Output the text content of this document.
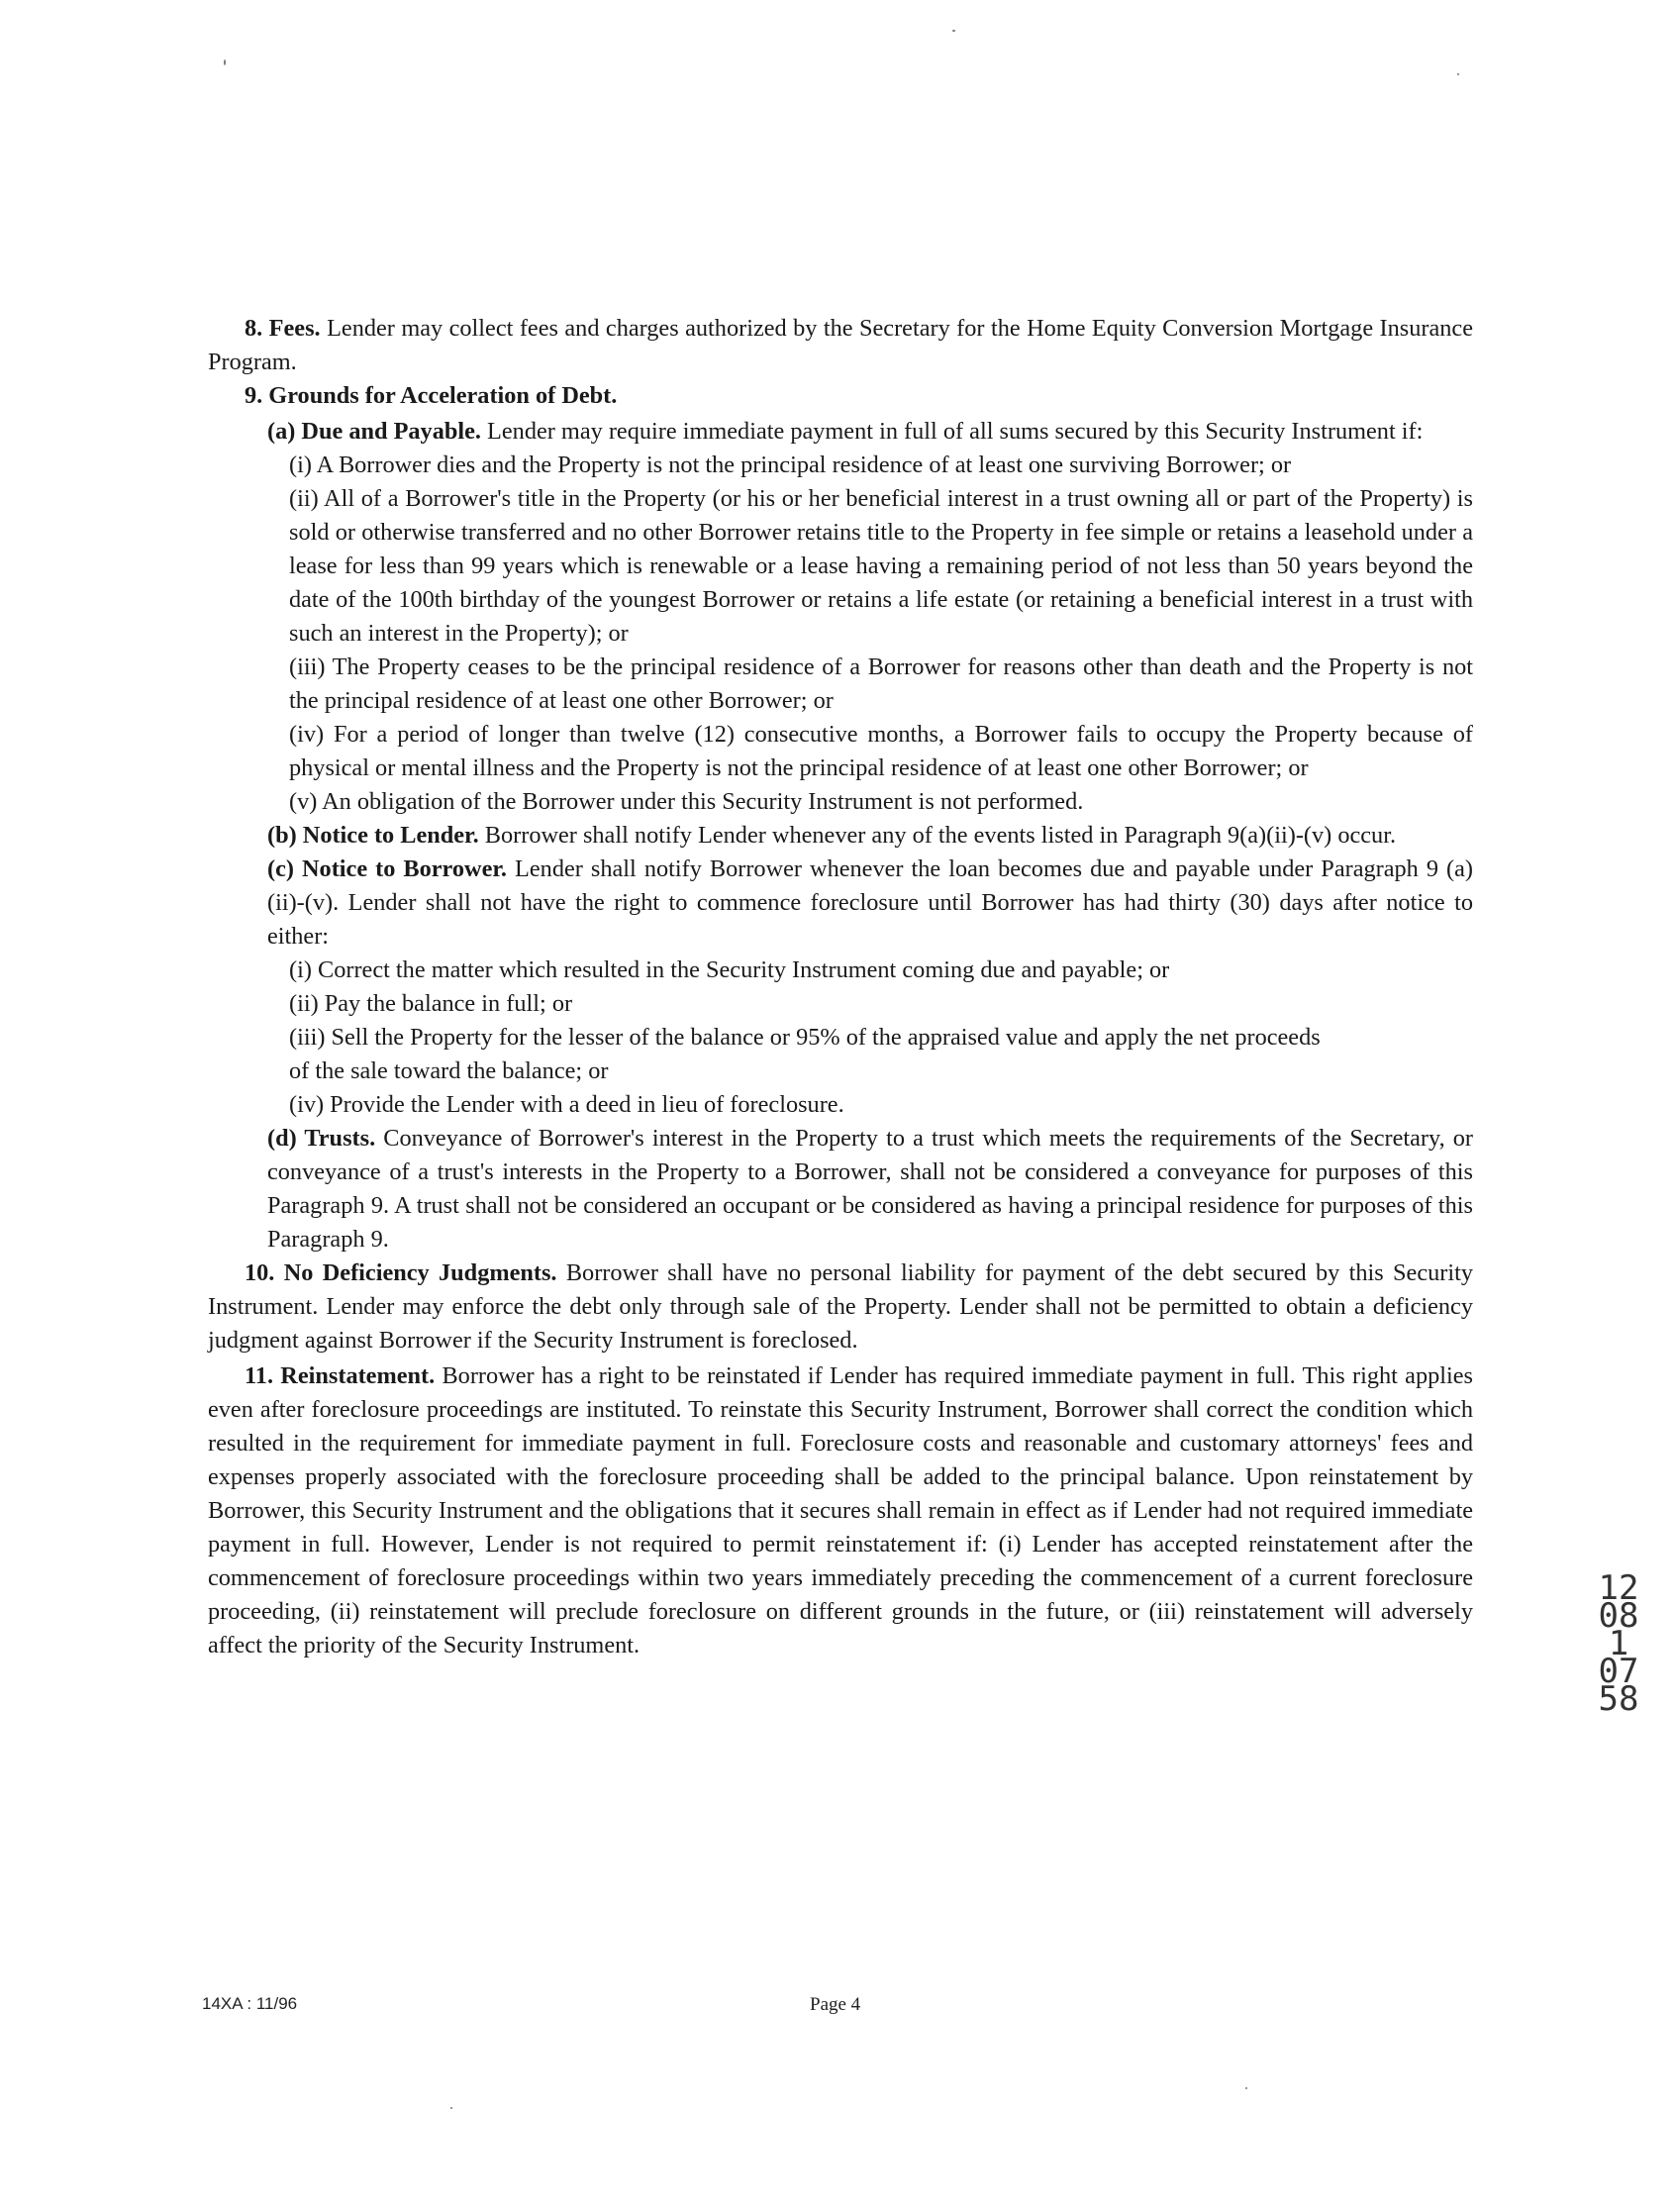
8. Fees. Lender may collect fees and charges authorized by the Secretary for the Home Equity Conversion Mortgage Insurance Program.

9. Grounds for Acceleration of Debt.

(a) Due and Payable. Lender may require immediate payment in full of all sums secured by this Security Instrument if:

(i) A Borrower dies and the Property is not the principal residence of at least one surviving Borrower; or

(ii) All of a Borrower's title in the Property (or his or her beneficial interest in a trust owning all or part of the Property) is sold or otherwise transferred and no other Borrower retains title to the Property in fee simple or retains a leasehold under a lease for less than 99 years which is renewable or a lease having a remaining period of not less than 50 years beyond the date of the 100th birthday of the youngest Borrower or retains a life estate (or retaining a beneficial interest in a trust with such an interest in the Property); or

(iii) The Property ceases to be the principal residence of a Borrower for reasons other than death and the Property is not the principal residence of at least one other Borrower; or

(iv) For a period of longer than twelve (12) consecutive months, a Borrower fails to occupy the Property because of physical or mental illness and the Property is not the principal residence of at least one other Borrower; or

(v) An obligation of the Borrower under this Security Instrument is not performed.

(b) Notice to Lender. Borrower shall notify Lender whenever any of the events listed in Paragraph 9(a)(ii)-(v) occur.

(c) Notice to Borrower. Lender shall notify Borrower whenever the loan becomes due and payable under Paragraph 9 (a)(ii)-(v). Lender shall not have the right to commence foreclosure until Borrower has had thirty (30) days after notice to either:

(i) Correct the matter which resulted in the Security Instrument coming due and payable; or

(ii) Pay the balance in full; or

(iii) Sell the Property for the lesser of the balance or 95% of the appraised value and apply the net proceeds of the sale toward the balance; or

(iv) Provide the Lender with a deed in lieu of foreclosure.

(d) Trusts. Conveyance of Borrower's interest in the Property to a trust which meets the requirements of the Secretary, or conveyance of a trust's interests in the Property to a Borrower, shall not be considered a conveyance for purposes of this Paragraph 9. A trust shall not be considered an occupant or be considered as having a principal residence for purposes of this Paragraph 9.

10. No Deficiency Judgments. Borrower shall have no personal liability for payment of the debt secured by this Security Instrument. Lender may enforce the debt only through sale of the Property. Lender shall not be permitted to obtain a deficiency judgment against Borrower if the Security Instrument is foreclosed.

11. Reinstatement. Borrower has a right to be reinstated if Lender has required immediate payment in full. This right applies even after foreclosure proceedings are instituted. To reinstate this Security Instrument, Borrower shall correct the condition which resulted in the requirement for immediate payment in full. Foreclosure costs and reasonable and customary attorneys' fees and expenses properly associated with the foreclosure proceeding shall be added to the principal balance. Upon reinstatement by Borrower, this Security Instrument and the obligations that it secures shall remain in effect as if Lender had not required immediate payment in full. However, Lender is not required to permit reinstatement if: (i) Lender has accepted reinstatement after the commencement of foreclosure proceedings within two years immediately preceding the commencement of a current foreclosure proceeding, (ii) reinstatement will preclude foreclosure on different grounds in the future, or (iii) reinstatement will adversely affect the priority of the Security Instrument.

14XA : 11/96	Page 4
12081 0758
